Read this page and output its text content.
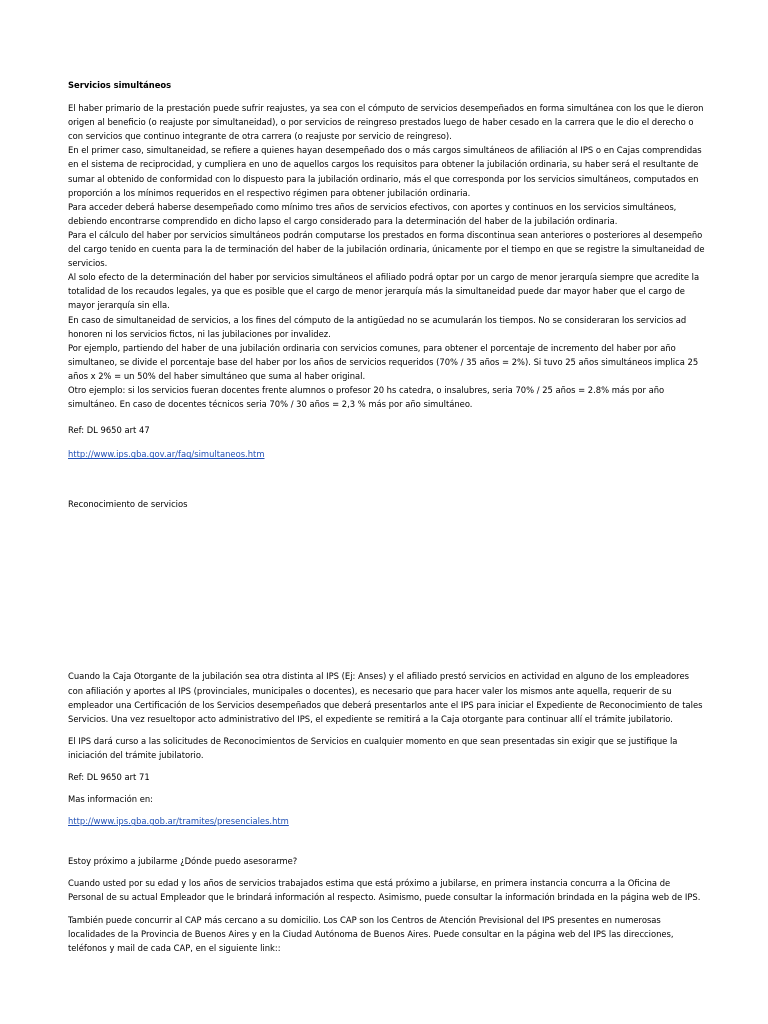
Servicios simultáneos

El haber primario de la prestación puede sufrir reajustes, ya sea con el cómputo de servicios desempeñados en forma simultánea con los que le dieron origen al beneficio (o reajuste por simultaneidad), o por servicios de reingreso prestados luego de haber cesado en la carrera que le dio el derecho o con servicios que continuo integrante de otra carrera (o reajuste por servicio de reingreso).

En el primer caso, simultaneidad, se refiere a quienes hayan desempeñado dos o más cargos simultáneos de afiliación al IPS o en Cajas comprendidas en el sistema de reciprocidad, y cumpliera en uno de aquellos cargos los requisitos para obtener la jubilación ordinaria, su haber será el resultante de sumar al obtenido de conformidad con lo dispuesto para la jubilación ordinario, más el que corresponda por los servicios simultáneos, computados en proporción a los mínimos requeridos en el respectivo régimen para obtener jubilación ordinaria.

Para acceder deberá haberse desempeñado como mínimo tres años de servicios efectivos, con aportes y continuos en los servicios simultáneos, debiendo encontrarse comprendido en dicho lapso el cargo considerado para la determinación del haber de la jubilación ordinaria.

Para el cálculo del haber por servicios simultáneos podrán computarse los prestados en forma discontinua sean anteriores o posteriores al desempeño del cargo tenido en cuenta para la de terminación del haber de la jubilación ordinaria, únicamente por el tiempo en que se registre la simultaneidad de servicios.

Al solo efecto de la determinación del haber por servicios simultáneos el afiliado podrá optar por un cargo de menor jerarquía siempre que acredite la totalidad de los recaudos legales, ya que es posible que el cargo de menor jerarquía más la simultaneidad puede dar mayor haber que el cargo de mayor jerarquía sin ella.

En caso de simultaneidad de servicios, a los fines del cómputo de la antigüedad no se acumularán los tiempos. No se consideraran los servicios ad honoren ni los servicios fictos, ni las jubilaciones por invalidez.

Por ejemplo, partiendo del haber de una jubilación ordinaria con servicios comunes, para obtener el porcentaje de incremento del haber por año simultaneo, se divide el porcentaje base del haber por los años de servicios requeridos (70% / 35 años = 2%). Si tuvo 25 años simultáneos implica 25 años x 2% = un 50% del haber simultáneo que suma al haber original.

Otro ejemplo: si los servicios fueran docentes frente alumnos o profesor 20 hs catedra, o insalubres, seria 70% / 25 años = 2.8% más por año simultáneo. En caso de docentes técnicos seria 70% / 30 años = 2,3 % más por año simultáneo.

Ref: DL 9650 art 47

http://www.ips.gba.gov.ar/faq/simultaneos.htm

Reconocimiento de servicios

Cuando la Caja Otorgante de la jubilación sea otra distinta al IPS (Ej: Anses) y el afiliado prestó servicios en actividad en alguno de los empleadores con afiliación y aportes al IPS (provinciales, municipales o docentes), es necesario que para hacer valer los mismos ante aquella, requerir de su empleador una Certificación de los Servicios desempeñados que deberá presentarlos ante el IPS para iniciar el Expediente de Reconocimiento de tales Servicios. Una vez resueltopor acto administrativo del IPS, el expediente se remitirá a la Caja otorgante para continuar allí el trámite jubilatorio.

El IPS dará curso a las solicitudes de Reconocimientos de Servicios en cualquier momento en que sean presentadas sin exigir que se justifique la iniciación del trámite jubilatorio.

Ref: DL 9650 art 71

Mas información en:

http://www.ips.gba.gob.ar/tramites/presenciales.htm

Estoy próximo a jubilarme ¿Dónde puedo asesorarme?

Cuando usted por su edad y los años de servicios trabajados estima que está próximo a jubilarse, en primera instancia concurra a la Oficina de Personal de su actual Empleador que le brindará información al respecto. Asimismo, puede consultar la información brindada en la página web de IPS.

También puede concurrir al CAP más cercano a su domicilio. Los CAP son los Centros de Atención Previsional del IPS presentes en numerosas localidades de la Provincia de Buenos Aires y en la Ciudad Autónoma de Buenos Aires. Puede consultar en la página web del IPS las direcciones, teléfonos y mail de cada CAP, en el siguiente link::
